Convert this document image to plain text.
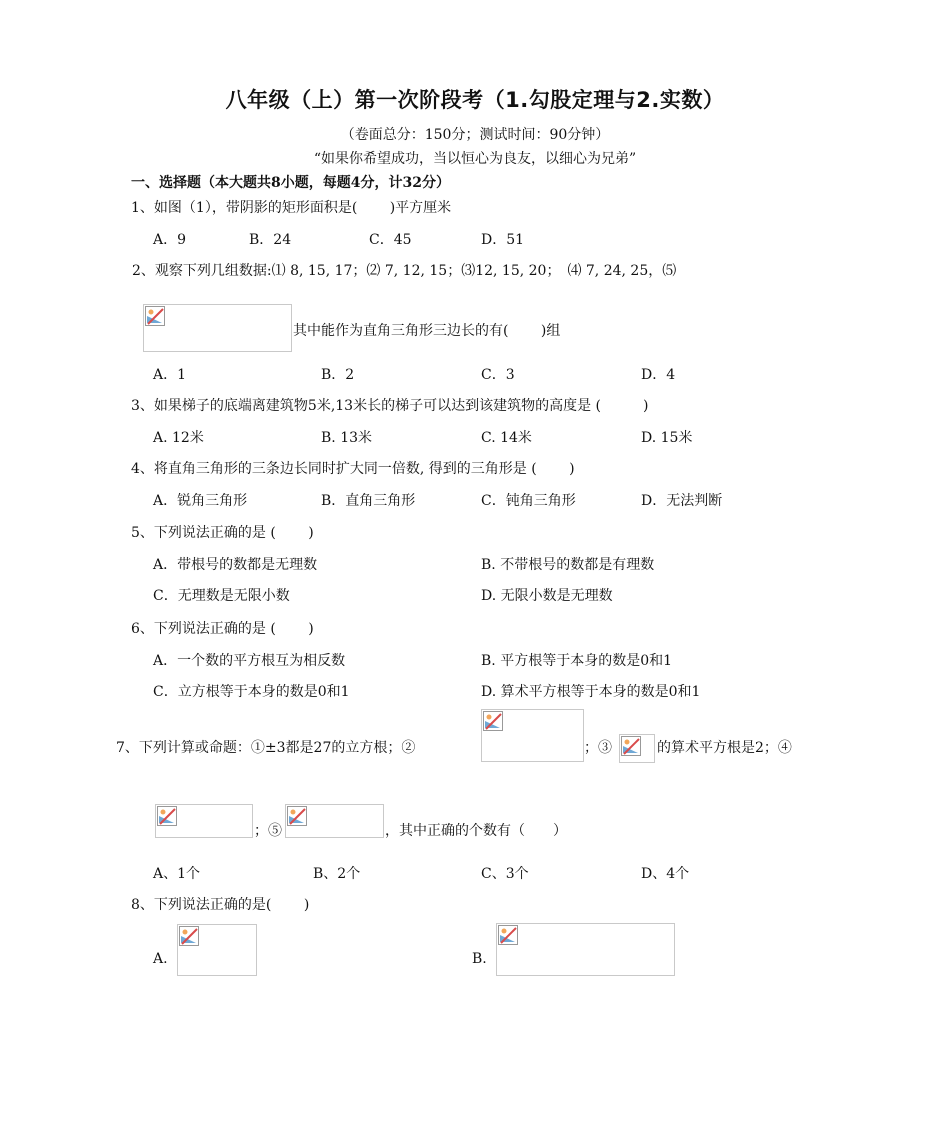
八年级（上）第一次阶段考（1.勾股定理与2.实数）
（卷面总分：150分；测试时间：90分钟）
“如果你希望成功，当以恒心为良友，以细心为兄弟”
一、选择题（本大题共8小题，每题4分，计32分）
1、如图（1），带阴影的矩形面积是(　　 )平方厘米
A．9	B．24	C．45	D．51
2、观察下列几组数据:⑴ 8, 15, 17；⑵ 7, 12, 15；⑶12, 15, 20；　⑷ 7, 24, 25，⑸
其中能作为直角三角形三边长的有(　　 )组
A．1	B．2	C．3	D．4
3、如果梯子的底端离建筑物5米,13米长的梯子可以达到该建筑物的高度是 (　　　)
A. 12米	B. 13米	C. 14米	D. 15米
4、将直角三角形的三条边长同时扩大同一倍数, 得到的三角形是 (　　 )
A．锐角三角形	B．直角三角形	C．钝角三角形	D．无法判断
5、下列说法正确的是 (　　 )
A．带根号的数都是无理数	B. 不带根号的数都是有理数
C．无理数是无限小数	D. 无限小数是无理数
6、下列说法正确的是 (　　 )
A．一个数的平方根互为相反数	B. 平方根等于本身的数是0和1
C．立方根等于本身的数是0和1	D. 算术平方根等于本身的数是0和1
7、下列计算或命题：①±3都是27的立方根；②	；③	的算术平方根是2；④
；⑤	，其中正确的个数有（　　）
A、1个	B、2个	C、3个	D、4个
8、下列说法正确的是(　　 )
A.	B.
